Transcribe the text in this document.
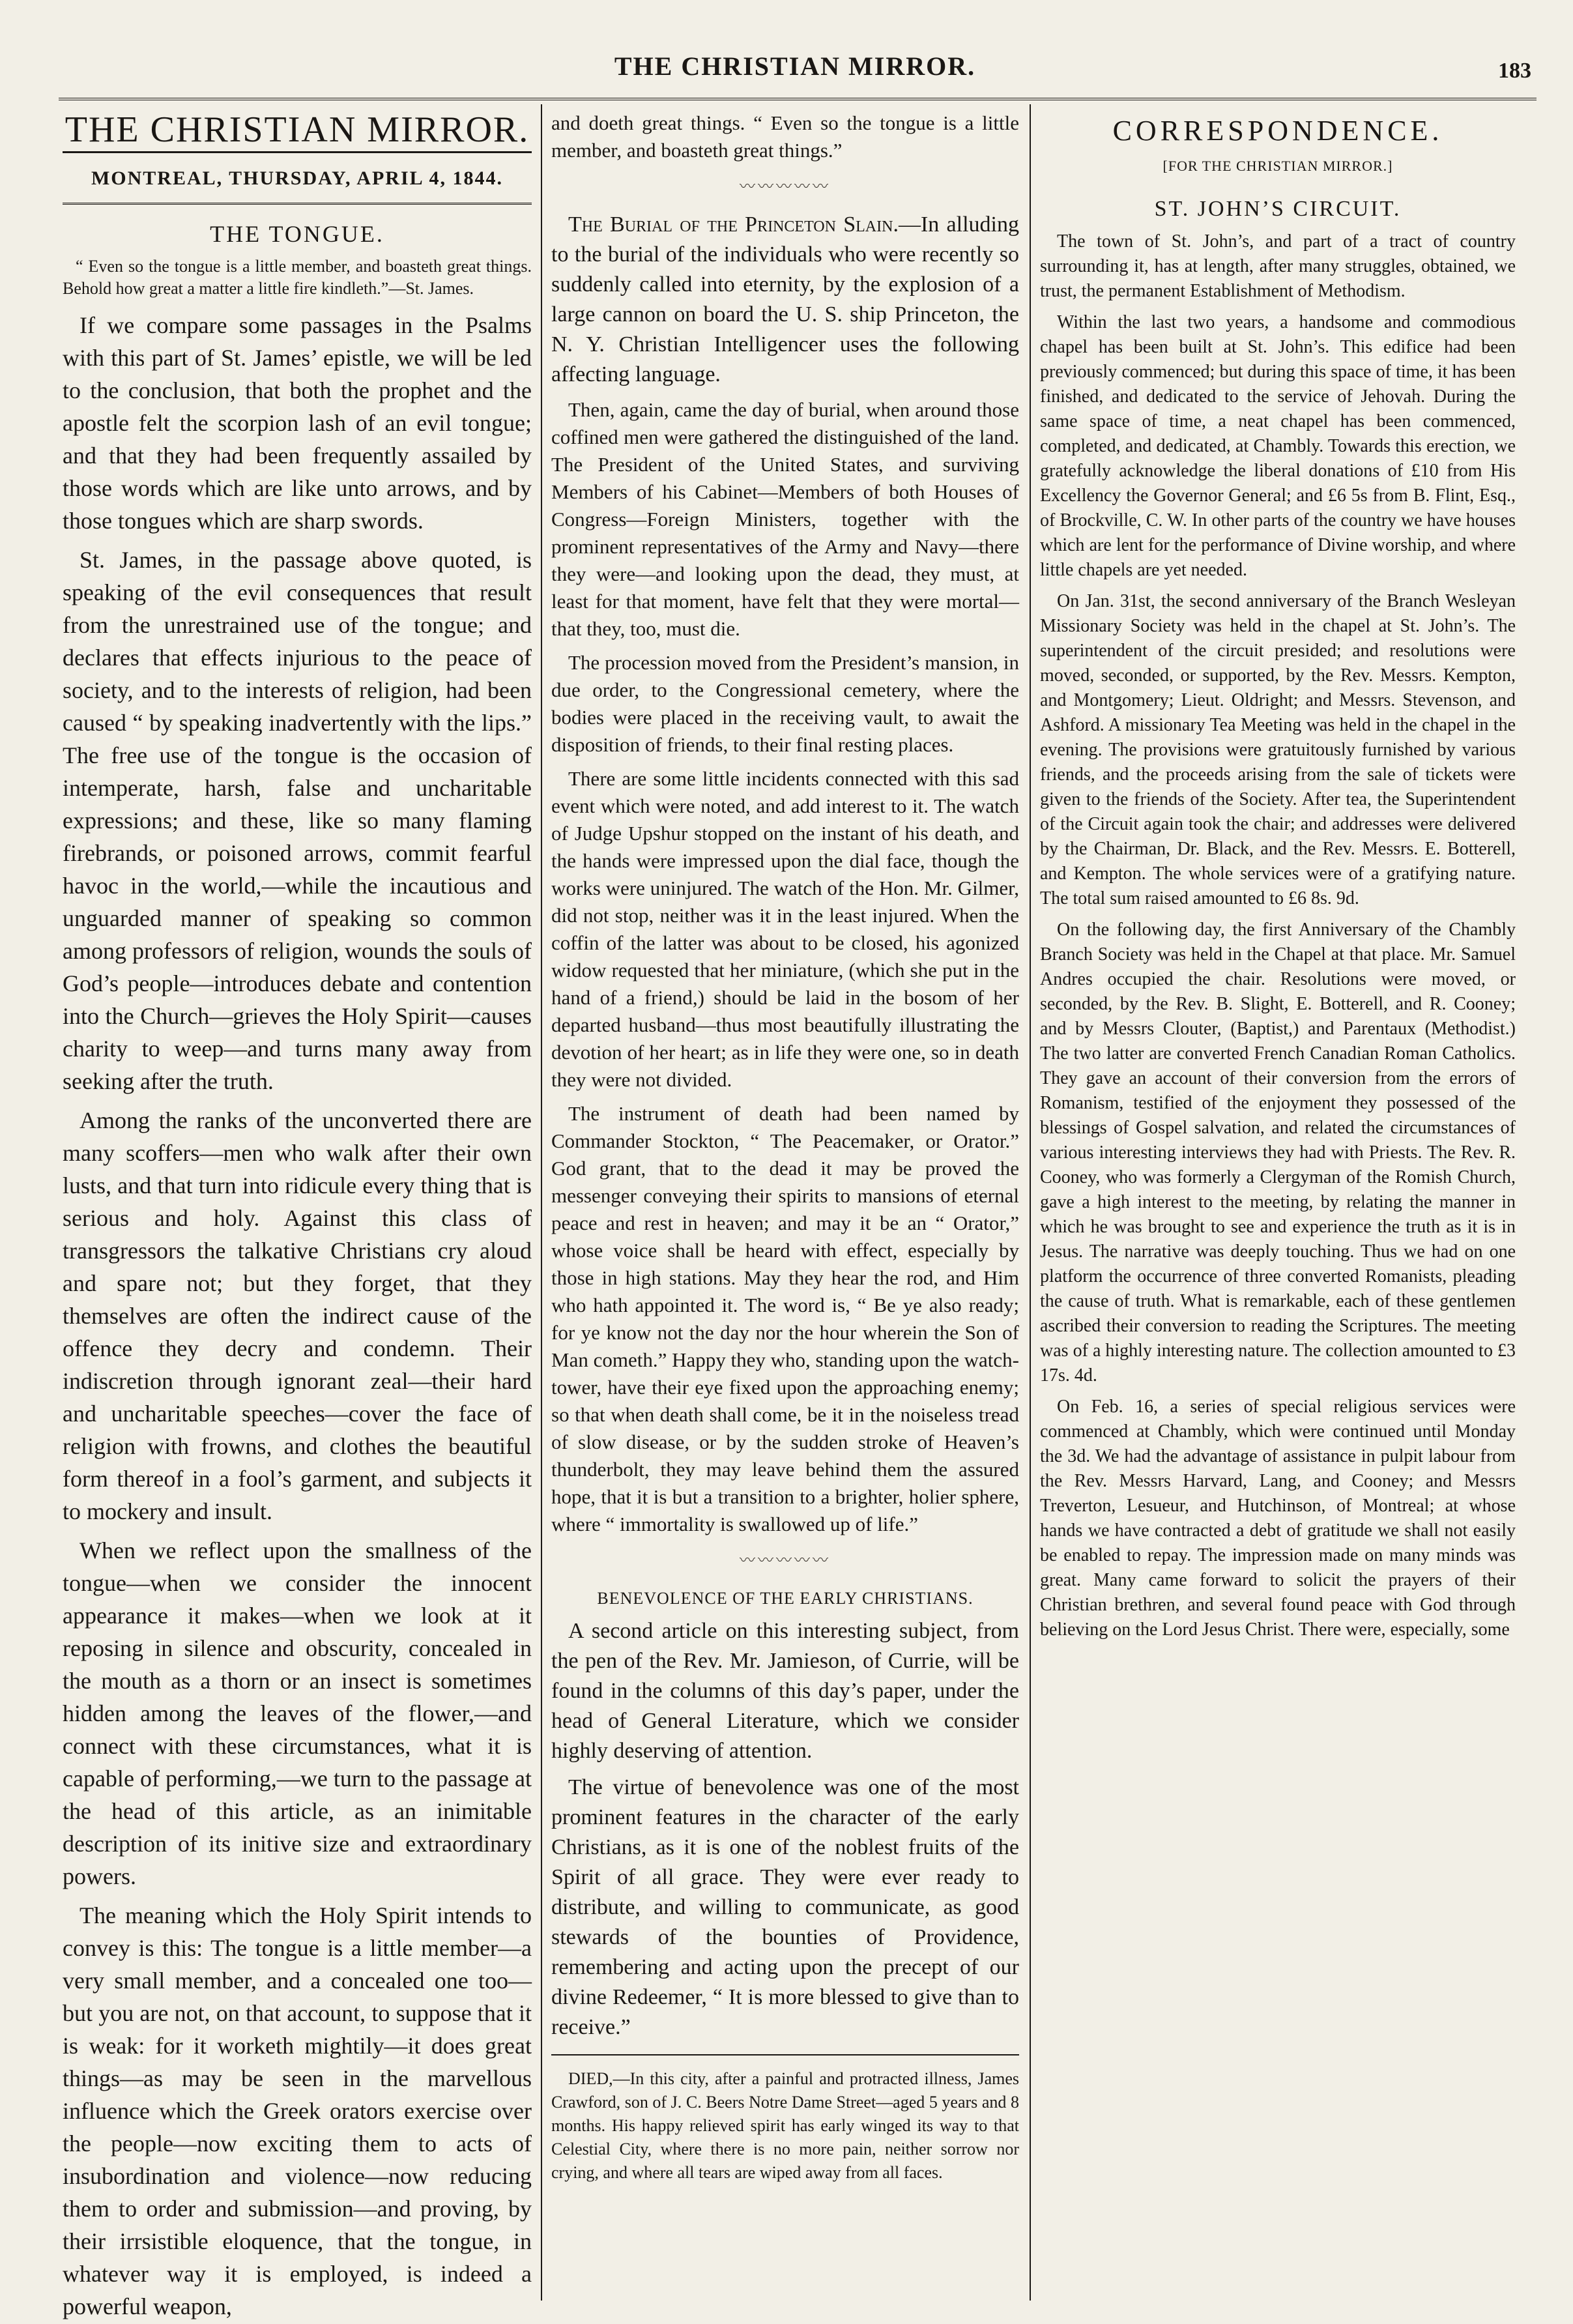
THE CHRISTIAN MIRROR.	183
THE CHRISTIAN MIRROR.
MONTREAL, THURSDAY, APRIL 4, 1844.
THE TONGUE.
“ Even so the tongue is a little member, and boasteth great things. Behold how great a matter a little fire kindleth.”—St. James.

If we compare some passages in the Psalms with this part of St. James’ epistle, we will be led to the conclusion, that both the prophet and the apostle felt the scorpion lash of an evil tongue; and that they had been frequently assailed by those words which are like unto arrows, and by those tongues which are sharp swords.

St. James, in the passage above quoted, is speaking of the evil consequences that result from the unrestrained use of the tongue; and declares that effects injurious to the peace of society, and to the interests of religion, had been caused “ by speaking inadvertently with the lips.” The free use of the tongue is the occasion of intemperate, harsh, false and uncharitable expressions; and these, like so many flaming firebrands, or poisoned arrows, commit fearful havoc in the world,—while the incautious and unguarded manner of speaking so common among professors of religion, wounds the souls of God’s people—introduces debate and contention into the Church—grieves the Holy Spirit—causes charity to weep—and turns many away from seeking after the truth.

Among the ranks of the unconverted there are many scoffers—men who walk after their own lusts, and that turn into ridicule every thing that is serious and holy. Against this class of transgressors the talkative Christians cry aloud and spare not; but they forget, that they themselves are often the indirect cause of the offence they decry and condemn. Their indiscretion through ignorant zeal—their hard and uncharitable speeches—cover the face of religion with frowns, and clothes the beautiful form thereof in a fool’s garment, and subjects it to mockery and insult.

When we reflect upon the smallness of the tongue—when we consider the innocent appearance it makes—when we look at it reposing in silence and obscurity, concealed in the mouth as a thorn or an insect is sometimes hidden among the leaves of the flower,—and connect with these circumstances, what it is capable of performing,—we turn to the passage at the head of this article, as an inimitable description of its initive size and extraordinary powers.

The meaning which the Holy Spirit intends to convey is this: The tongue is a little member—a very small member, and a concealed one too—but you are not, on that account, to suppose that it is weak: for it worketh mightily—it does great things—as may be seen in the marvellous influence which the Greek orators exercise over the people—now exciting them to acts of insubordination and violence—now reducing them to order and submission—and proving, by their irrsistible eloquence, that the tongue, in whatever way it is employed, is indeed a powerful weapon,

and doeth great things. “ Even so the tongue is a little member, and boasteth great things.”

〰〰〰〰〰

The Burial of the Princeton Slain.—In alluding to the burial of the individuals who were recently so suddenly called into eternity, by the explosion of a large cannon on board the U. S. ship Princeton, the N. Y. Christian Intelligencer uses the following affecting language.

Then, again, came the day of burial, when around those coffined men were gathered the distinguished of the land. The President of the United States, and surviving Members of his Cabinet—Members of both Houses of Congress—Foreign Ministers, together with the prominent representatives of the Army and Navy—there they were—and looking upon the dead, they must, at least for that moment, have felt that they were mortal—that they, too, must die.

The procession moved from the President’s mansion, in due order, to the Congressional cemetery, where the bodies were placed in the receiving vault, to await the disposition of friends, to their final resting places.

There are some little incidents connected with this sad event which were noted, and add interest to it. The watch of Judge Upshur stopped on the instant of his death, and the hands were impressed upon the dial face, though the works were uninjured. The watch of the Hon. Mr. Gilmer, did not stop, neither was it in the least injured. When the coffin of the latter was about to be closed, his agonized widow requested that her miniature, (which she put in the hand of a friend,) should be laid in the bosom of her departed husband—thus most beautifully illustrating the devotion of her heart; as in life they were one, so in death they were not divided.

The instrument of death had been named by Commander Stockton, “ The Peacemaker, or Orator.” God grant, that to the dead it may be proved the messenger conveying their spirits to mansions of eternal peace and rest in heaven; and may it be an “ Orator,” whose voice shall be heard with effect, especially by those in high stations. May they hear the rod, and Him who hath appointed it. The word is, “ Be ye also ready; for ye know not the day nor the hour wherein the Son of Man cometh.” Happy they who, standing upon the watch-tower, have their eye fixed upon the approaching enemy; so that when death shall come, be it in the noiseless tread of slow disease, or by the sudden stroke of Heaven’s thunderbolt, they may leave behind them the assured hope, that it is but a transition to a brighter, holier sphere, where “ immortality is swallowed up of life.”

〰〰〰〰〰
BENEVOLENCE OF THE EARLY CHRISTIANS.

A second article on this interesting subject, from the pen of the Rev. Mr. Jamieson, of Currie, will be found in the columns of this day’s paper, under the head of General Literature, which we consider highly deserving of attention.

The virtue of benevolence was one of the most prominent features in the character of the early Christians, as it is one of the noblest fruits of the Spirit of all grace. They were ever ready to distribute, and willing to communicate, as good stewards of the bounties of Providence, remembering and acting upon the precept of our divine Redeemer, “ It is more blessed to give than to receive.”

DIED,—In this city, after a painful and protracted illness, James Crawford, son of J. C. Beers Notre Dame Street—aged 5 years and 8 months. His happy relieved spirit has early winged its way to that Celestial City, where there is no more pain, neither sorrow nor crying, and where all tears are wiped away from all faces.

CORRESPONDENCE.
[FOR THE CHRISTIAN MIRROR.]
ST. JOHN’S CIRCUIT.

The town of St. John’s, and part of a tract of country surrounding it, has at length, after many struggles, obtained, we trust, the permanent Establishment of Methodism.

Within the last two years, a handsome and commodious chapel has been built at St. John’s. This edifice had been previously commenced; but during this space of time, it has been finished, and dedicated to the service of Jehovah. During the same space of time, a neat chapel has been commenced, completed, and dedicated, at Chambly. Towards this erection, we gratefully acknowledge the liberal donations of £10 from His Excellency the Governor General; and £6 5s from B. Flint, Esq., of Brockville, C. W. In other parts of the country we have houses which are lent for the performance of Divine worship, and where little chapels are yet needed.

On Jan. 31st, the second anniversary of the Branch Wesleyan Missionary Society was held in the chapel at St. John’s. The superintendent of the circuit presided; and resolutions were moved, seconded, or supported, by the Rev. Messrs. Kempton, and Montgomery; Lieut. Oldright; and Messrs. Stevenson, and Ashford. A missionary Tea Meeting was held in the chapel in the evening. The provisions were gratuitously furnished by various friends, and the proceeds arising from the sale of tickets were given to the friends of the Society. After tea, the Superintendent of the Circuit again took the chair; and addresses were delivered by the Chairman, Dr. Black, and the Rev. Messrs. E. Botterell, and Kempton. The whole services were of a gratifying nature. The total sum raised amounted to £6 8s. 9d.

On the following day, the first Anniversary of the Chambly Branch Society was held in the Chapel at that place. Mr. Samuel Andres occupied the chair. Resolutions were moved, or seconded, by the Rev. B. Slight, E. Botterell, and R. Cooney; and by Messrs Clouter, (Baptist,) and Parentaux (Methodist.) The two latter are converted French Canadian Roman Catholics. They gave an account of their conversion from the errors of Romanism, testified of the enjoyment they possessed of the blessings of Gospel salvation, and related the circumstances of various interesting interviews they had with Priests. The Rev. R. Cooney, who was formerly a Clergyman of the Romish Church, gave a high interest to the meeting, by relating the manner in which he was brought to see and experience the truth as it is in Jesus. The narrative was deeply touching. Thus we had on one platform the occurrence of three converted Romanists, pleading the cause of truth. What is remarkable, each of these gentlemen ascribed their conversion to reading the Scriptures. The meeting was of a highly interesting nature. The collection amounted to £3 17s. 4d.

On Feb. 16, a series of special religious services were commenced at Chambly, which were continued until Monday the 3d. We had the advantage of assistance in pulpit labour from the Rev. Messrs Harvard, Lang, and Cooney; and Messrs Treverton, Lesueur, and Hutchinson, of Montreal; at whose hands we have contracted a debt of gratitude we shall not easily be enabled to repay. The impression made on many minds was great. Many came forward to solicit the prayers of their Christian brethren, and several found peace with God through believing on the Lord Jesus Christ. There were, especially, some
